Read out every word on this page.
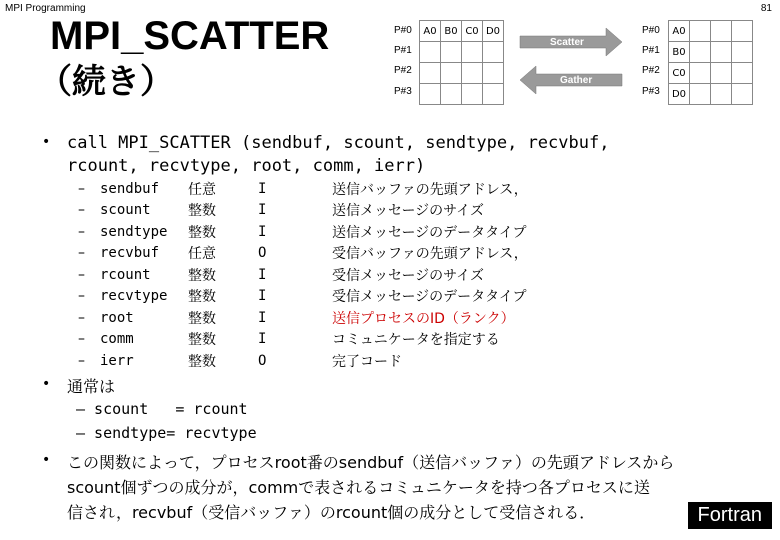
MPI Programming	81
MPI_SCATTER
（続き）
P#0
P#1
P#2
P#3
A0	B0	C0	D0

Scatter
Gather
P#0
P#1
P#2
P#3
A0			
B0			
C0			
D0			
• call MPI_SCATTER (sendbuf, scount, sendtype, recvbuf,
rcount, recvtype, root, comm, ierr)
–	sendbuf	任意	I	送信バッファの先頭アドレス，
–	scount	整数	I	送信メッセージのサイズ
–	sendtype	整数	I	送信メッセージのデータタイプ
–	recvbuf	任意	O	受信バッファの先頭アドレス，
–	rcount	整数	I	受信メッセージのサイズ
–	recvtype	整数	I	受信メッセージのデータタイプ
–	root	整数	I	送信プロセスのID（ランク）
–	comm	整数	I	コミュニケータを指定する
–	ierr	整数	O	完了コード
• 通常は
– scount   = rcount
– sendtype= recvtype
• この関数によって，プロセスroot番のsendbuf（送信バッファ）の先頭アドレスから
scount個ずつの成分が，commで表されるコミュニケータを持つ各プロセスに送
信され，recvbuf（受信バッファ）のrcount個の成分として受信される．	Fortran
